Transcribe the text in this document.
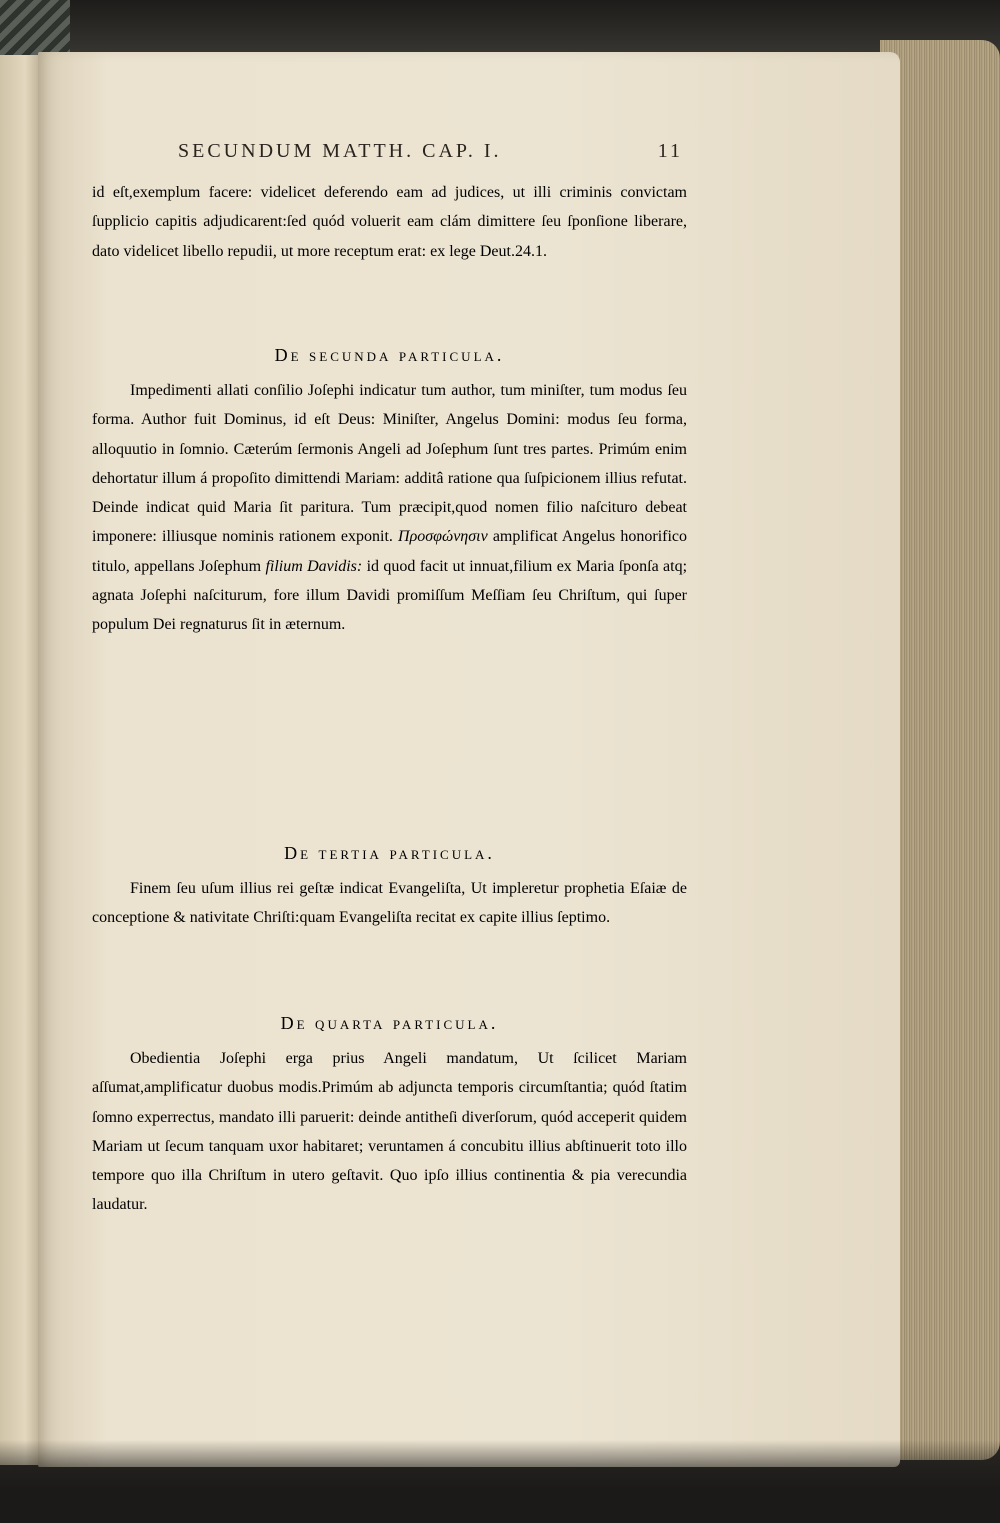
SECUNDUM MATTH. CAP. I.	11

id eſt,exemplum facere: videlicet deferendo eam ad judices, ut illi criminis convictam ſupplicio capitis adjudicarent:ſed quód voluerit eam clám dimittere ſeu ſponſione liberare, dato videlicet libello repudii, ut more receptum erat: ex lege Deut.24.1.

De secunda particula.

Impedimenti allati conſilio Joſephi indicatur tum author, tum miniſter, tum modus ſeu forma. Author fuit Dominus, id eſt Deus: Miniſter, Angelus Domini: modus ſeu forma, alloquutio in ſomnio. Cæterúm ſermonis Angeli ad Joſephum ſunt tres partes. Primúm enim dehortatur illum á propoſito dimittendi Mariam: additâ ratione qua ſuſpicionem illius refutat. Deinde indicat quid Maria ſit paritura. Tum præcipit,quod nomen filio naſcituro debeat imponere: illiusque nominis rationem exponit. Προσφώνησιν amplificat Angelus honorifico titulo, appellans Joſephum filium Davidis: id quod facit ut innuat,filium ex Maria ſponſa atq; agnata Joſephi naſciturum, fore illum Davidi promiſſum Meſſiam ſeu Chriſtum, qui ſuper populum Dei regnaturus ſit in æternum.

De tertia particula.

Finem ſeu uſum illius rei geſtæ indicat Evangeliſta, Ut impleretur prophetia Eſaiæ de conceptione & nativitate Chriſti:quam Evangeliſta recitat ex capite illius ſeptimo.

De quarta particula.

Obedientia Joſephi erga prius Angeli mandatum, Ut ſcilicet Mariam aſſumat,amplificatur duobus modis.Primúm ab adjuncta temporis circumſtantia; quód ſtatim ſomno experrectus, mandato illi paruerit: deinde antitheſi diverſorum, quód acceperit quidem Mariam ut ſecum tanquam uxor habitaret; veruntamen á concubitu illius abſtinuerit toto illo tempore quo illa Chriſtum in utero geſtavit. Quo ipſo illius continentia & pia verecundia laudatur.
